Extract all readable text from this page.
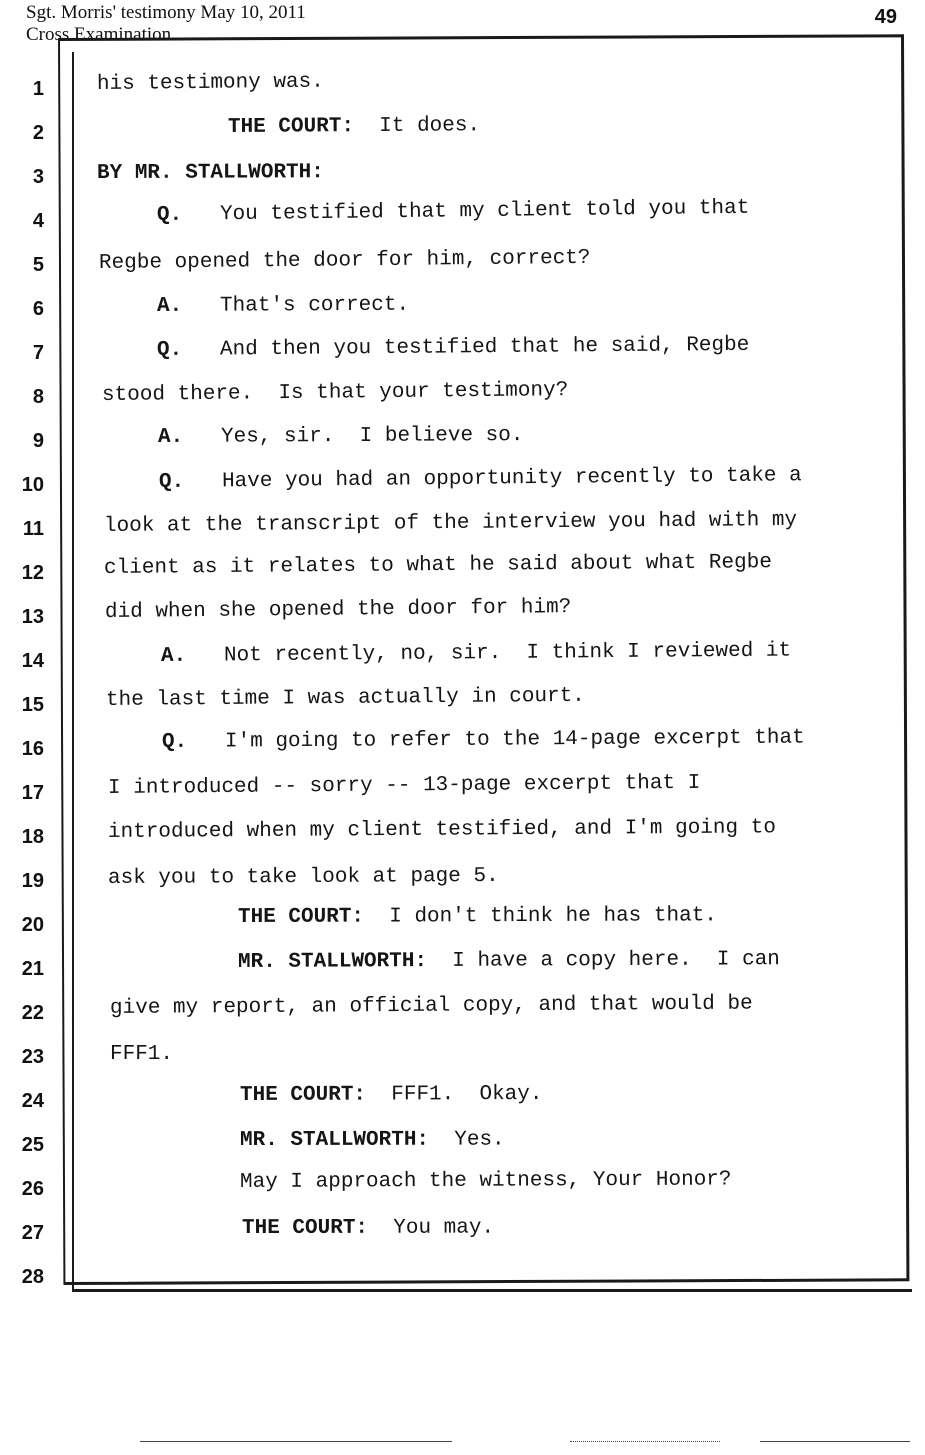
Sgt. Morris' testimony May 10, 2011
Cross Examination
49
1	his testimony was.
2	THE COURT:  It does.
3	BY MR. STALLWORTH:
4	Q.   You testified that my client told you that
5	Regbe opened the door for him, correct?
6	A.   That's correct.
7	Q.   And then you testified that he said, Regbe
8	stood there.  Is that your testimony?
9	A.   Yes, sir.  I believe so.
10	Q.   Have you had an opportunity recently to take a
11	look at the transcript of the interview you had with my
12	client as it relates to what he said about what Regbe
13	did when she opened the door for him?
14	A.   Not recently, no, sir.  I think I reviewed it
15	the last time I was actually in court.
16	Q.   I'm going to refer to the 14-page excerpt that
17	I introduced -- sorry -- 13-page excerpt that I
18	introduced when my client testified, and I'm going to
19	ask you to take look at page 5.
20	THE COURT:  I don't think he has that.
21	MR. STALLWORTH:  I have a copy here.  I can
22	give my report, an official copy, and that would be
23	FFF1.
24	THE COURT:  FFF1.  Okay.
25	MR. STALLWORTH:  Yes.
26	May I approach the witness, Your Honor?
27	THE COURT:  You may.
28
